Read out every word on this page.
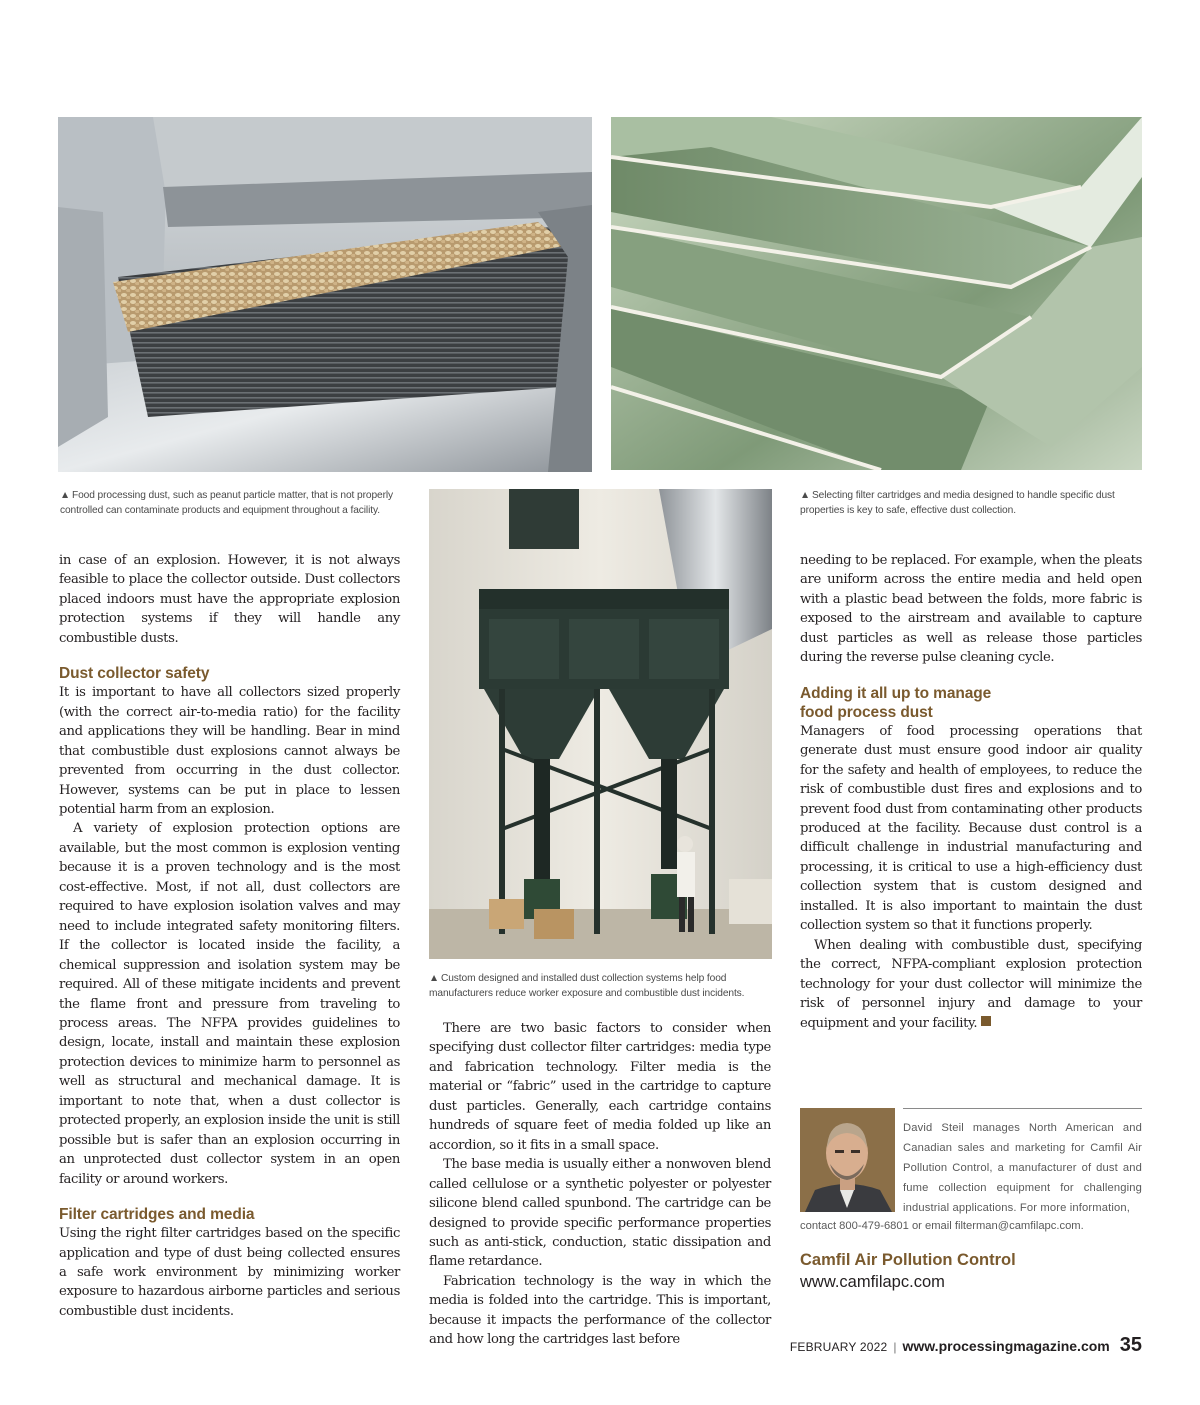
▲ Food processing dust, such as peanut particle matter, that is not properly controlled can contaminate products and equipment throughout a facility.
▲ Selecting filter cartridges and media designed to handle specific dust properties is key to safe, effective dust collection.
▲ Custom designed and installed dust collection systems help food manufacturers reduce worker exposure and combustible dust incidents.

in case of an explosion. However, it is not always feasible to place the collector outside. Dust collectors placed indoors must have the appropriate explosion protection systems if they will handle any combustible dusts.

Dust collector safety

It is important to have all collectors sized properly (with the correct air-to-media ratio) for the facility and applications they will be handling. Bear in mind that combustible dust explosions cannot always be prevented from occurring in the dust collector. However, systems can be put in place to lessen potential harm from an explosion.

A variety of explosion protection options are available, but the most common is explosion venting because it is a proven technology and is the most cost-effective. Most, if not all, dust collectors are required to have explosion isolation valves and may need to include integrated safety monitoring filters. If the collector is located inside the facility, a chemical suppression and isolation system may be required. All of these mitigate incidents and prevent the flame front and pressure from traveling to process areas. The NFPA provides guidelines to design, locate, install and maintain these explosion protection devices to minimize harm to personnel as well as structural and mechanical damage. It is important to note that, when a dust collector is protected properly, an explosion inside the unit is still possible but is safer than an explosion occurring in an unprotected dust collector system in an open facility or around workers.

Filter cartridges and media

Using the right filter cartridges based on the specific application and type of dust being collected ensures a safe work environment by minimizing worker exposure to hazardous airborne particles and serious combustible dust incidents.

There are two basic factors to consider when specifying dust collector filter cartridges: media type and fabrication technology. Filter media is the material or “fabric” used in the cartridge to capture dust particles. Generally, each cartridge contains hundreds of square feet of media folded up like an accordion, so it fits in a small space.

The base media is usually either a nonwoven blend called cellulose or a synthetic polyester or polyester silicone blend called spunbond. The cartridge can be designed to provide specific performance properties such as anti-stick, conduction, static dissipation and flame retardance.

Fabrication technology is the way in which the media is folded into the cartridge. This is important, because it impacts the performance of the collector and how long the cartridges last before

needing to be replaced. For example, when the pleats are uniform across the entire media and held open with a plastic bead between the folds, more fabric is exposed to the airstream and available to capture dust particles as well as release those particles during the reverse pulse cleaning cycle.

Adding it all up to manage
food process dust

Managers of food processing operations that generate dust must ensure good indoor air quality for the safety and health of employees, to reduce the risk of combustible dust fires and explosions and to prevent food dust from contaminating other products produced at the facility. Because dust control is a difficult challenge in industrial manufacturing and processing, it is critical to use a high-efficiency dust collection system that is custom designed and installed. It is also important to maintain the dust collection system so that it functions properly.

When dealing with combustible dust, specifying the correct, NFPA-compliant explosion protection technology for your dust collector will minimize the risk of personnel injury and damage to your equipment and your facility.

David Steil manages North American and Canadian sales and marketing for Camfil Air Pollution Control, a manufacturer of dust and fume collection equipment for challenging industrial applications. For more information,
contact 800-479-6801 or email filterman@camfilapc.com.
Camfil Air Pollution Control
www.camfilapc.com
FEBRUARY 2022 | www.processingmagazine.com 35
